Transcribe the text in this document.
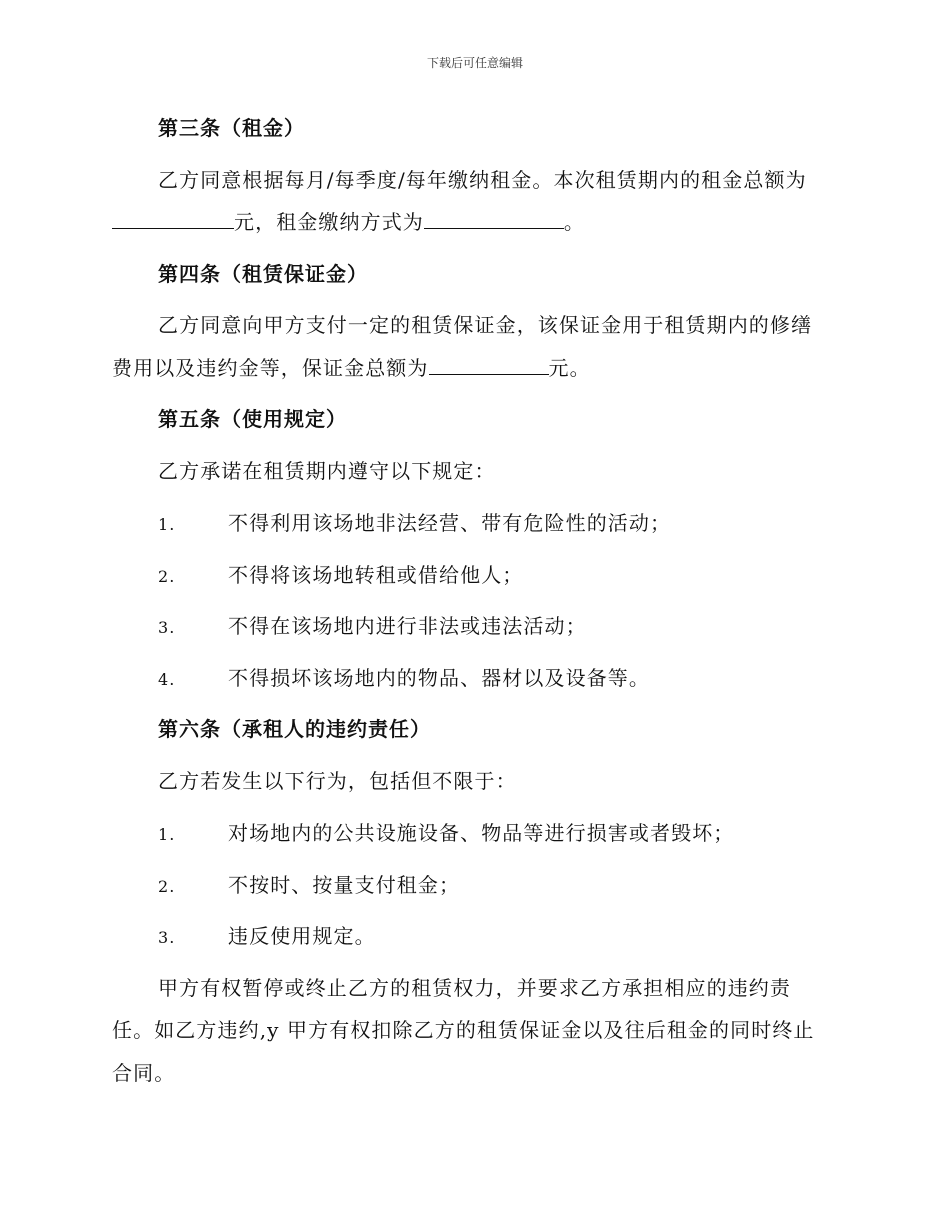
下载后可任意编辑
第三条（租金）
乙方同意根据每月/每季度/每年缴纳租金。本次租赁期内的租金总额为
元，租金缴纳方式为	。
第四条（租赁保证金）
乙方同意向甲方支付一定的租赁保证金，该保证金用于租赁期内的修缮
费用以及违约金等，保证金总额为	元。
第五条（使用规定）
乙方承诺在租赁期内遵守以下规定：
1.	不得利用该场地非法经营、带有危险性的活动；
2.	不得将该场地转租或借给他人；
3.	不得在该场地内进行非法或违法活动；
4.	不得损坏该场地内的物品、器材以及设备等。
第六条（承租人的违约责任）
乙方若发生以下行为，包括但不限于：
1.	对场地内的公共设施设备、物品等进行损害或者毁坏；
2.	不按时、按量支付租金；
3.	违反使用规定。
甲方有权暂停或终止乙方的租赁权力，并要求乙方承担相应的违约责
任。如乙方违约,y 甲方有权扣除乙方的租赁保证金以及往后租金的同时终止
合同。
